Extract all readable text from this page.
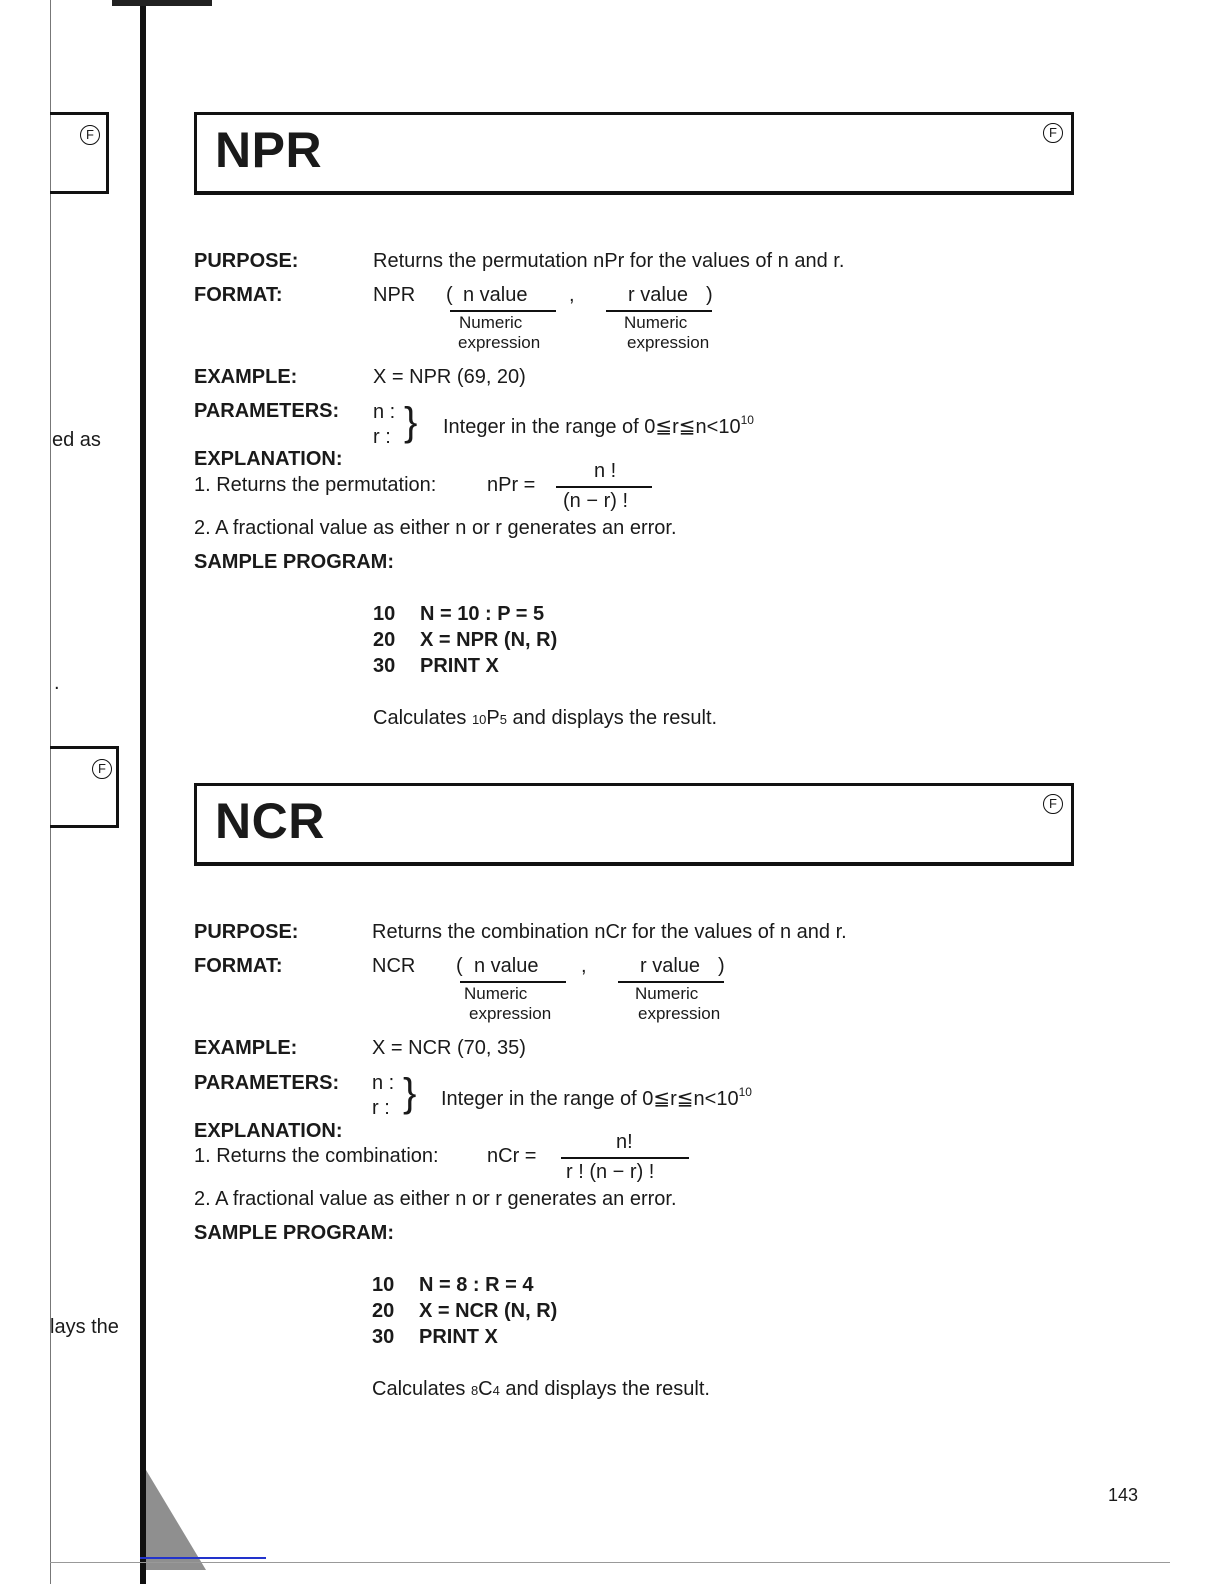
F
ed as
.
F
lays the
NPR	F
PURPOSE:	Returns the permutation nPr for the values of n and r.
FORMAT:	NPR ( n value ,	r value )
Numeric
expression
Numeric
expression
EXAMPLE:	X = NPR (69, 20)
PARAMETERS: n :
r : } Integer in the range of $0≦r≦n<10^{10}$
EXPLANATION:
1. Returns the permutation:	nPr =
n !
(n − r) !
2. A fractional value as either n or r generates an error.
SAMPLE PROGRAM:
10 N = 10 : P = 5
20 X = NPR (N, R)
30 PRINT X
Calculates 10P5 and displays the result.
NCR	F
PURPOSE:	Returns the combination nCr for the values of n and r.
FORMAT:	NCR ( n value ,	r value )
Numeric
expression
Numeric
expression
EXAMPLE:	X = NCR (70, 35)
PARAMETERS: n :
r : } Integer in the range of $0≦r≦n<10^{10}$
EXPLANATION:
1. Returns the combination: nCr =
n!
r ! (n − r) !
2. A fractional value as either n or r generates an error.
SAMPLE PROGRAM:
10 N = 8 : R = 4
20 X = NCR (N, R)
30 PRINT X
Calculates 8C4 and displays the result.
143
